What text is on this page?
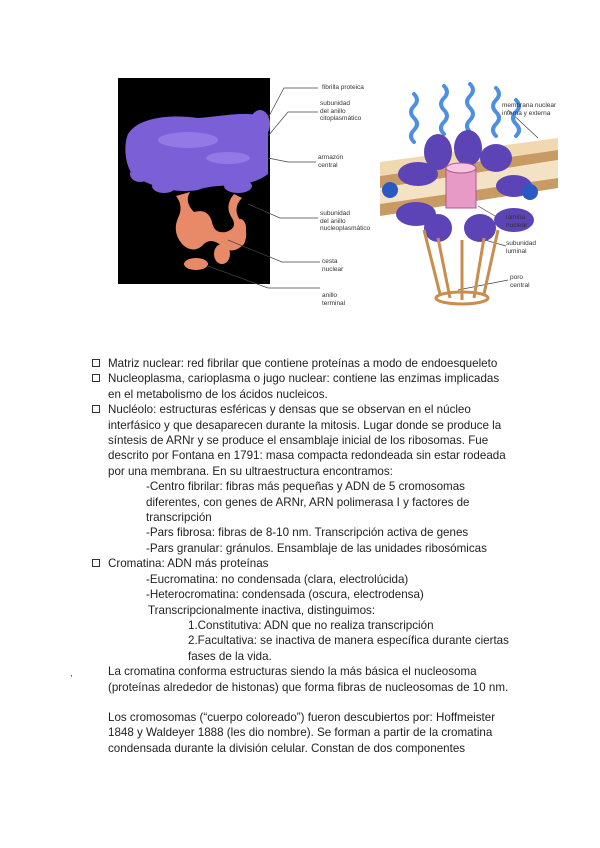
fibrilla proteica
subunidad
del anillo
citoplasmático
membrana nuclear
interna y externa
armazón
central
lámina
nuclear
subunidad
del anillo
nucleoplasmático
subunidad
luminal
cesta
nuclear
poro
central
anillo
terminal
,
Matriz nuclear: red fibrilar que contiene proteínas a modo de endoesqueleto
Nucleoplasma, carioplasma o jugo nuclear: contiene las enzimas implicadas
en el metabolismo de los ácidos nucleicos.
Nucléolo: estructuras esféricas y densas que se observan en el núcleo
interfásico y que desaparecen durante la mitosis. Lugar donde se produce la
síntesis de ARNr y se produce el ensamblaje inicial de los ribosomas. Fue
descrito por Fontana en 1791: masa compacta redondeada sin estar rodeada
por una membrana. En su ultraestructura encontramos:
-Centro fibrilar: fibras más pequeñas y ADN de 5 cromosomas
diferentes, con genes de ARNr, ARN polimerasa I y factores de
transcripción
-Pars fibrosa: fibras de 8-10 nm. Transcripción activa de genes
-Pars granular: gránulos. Ensamblaje de las unidades ribosómicas
Cromatina: ADN más proteínas
-Eucromatina: no condensada (clara, electrolúcida)
-Heterocromatina: condensada (oscura, electrodensa)
Transcripcionalmente inactiva, distinguimos:
1.Constitutiva: ADN que no realiza transcripción
2.Facultativa: se inactiva de manera específica durante ciertas
fases de la vida.
La cromatina conforma estructuras siendo la más básica el nucleosoma
(proteínas alrededor de histonas) que forma fibras de nucleosomas de 10 nm.
Los cromosomas (“cuerpo coloreado”) fueron descubiertos por: Hoffmeister
1848 y Waldeyer 1888 (les dio nombre). Se forman a partir de la cromatina
condensada durante la división celular. Constan de dos componentes
